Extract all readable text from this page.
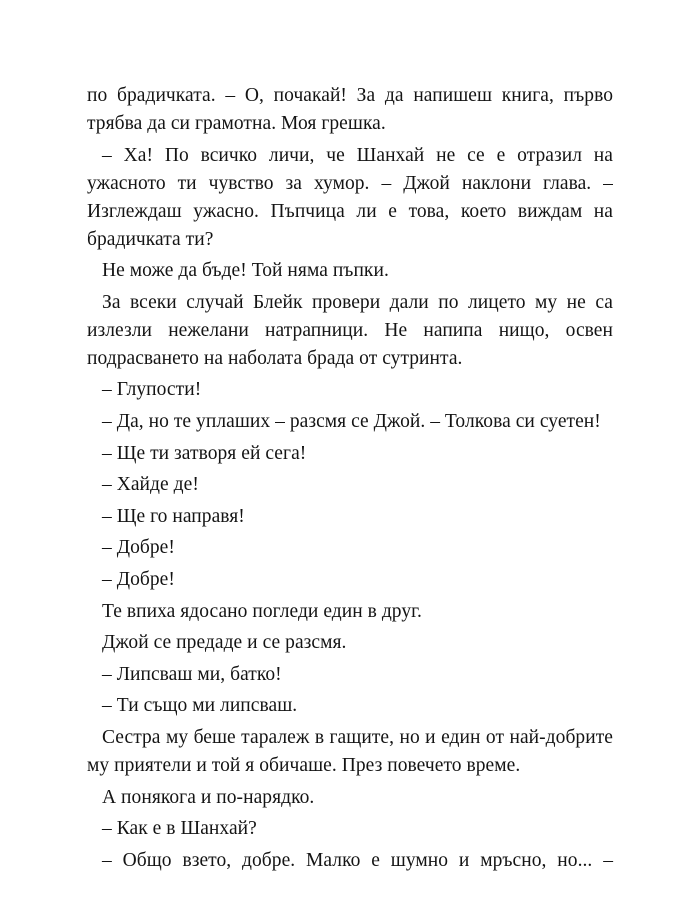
по брадичката. – О, почакай! За да напишеш книга, първо трябва да си грамотна. Моя грешка.

– Ха! По всичко личи, че Шанхай не се е отразил на ужасното ти чувство за хумор. – Джой наклони глава. – Изглеждаш ужасно. Пъпчица ли е това, което виждам на брадичката ти?

Не може да бъде! Той няма пъпки.

За всеки случай Блейк провери дали по лицето му не са излезли нежелани натрапници. Не напипа нищо, освен подрасването на наболата брада от сутринта.

– Глупости!

– Да, но те уплаших – разсмя се Джой. – Толкова си суетен!

– Ще ти затворя ей сега!

– Хайде де!

– Ще го направя!

– Добре!

– Добре!

Те впиха ядосано погледи един в друг.

Джой се предаде и се разсмя.

– Липсваш ми, батко!

– Ти също ми липсваш.

Сестра му беше таралеж в гащите, но и един от най-добрите му приятели и той я обичаше. През повечето време.

А понякога и по-нарядко.

– Как е в Шанхай?

– Общо взето, добре. Малко е шумно и мръсно, но... –
